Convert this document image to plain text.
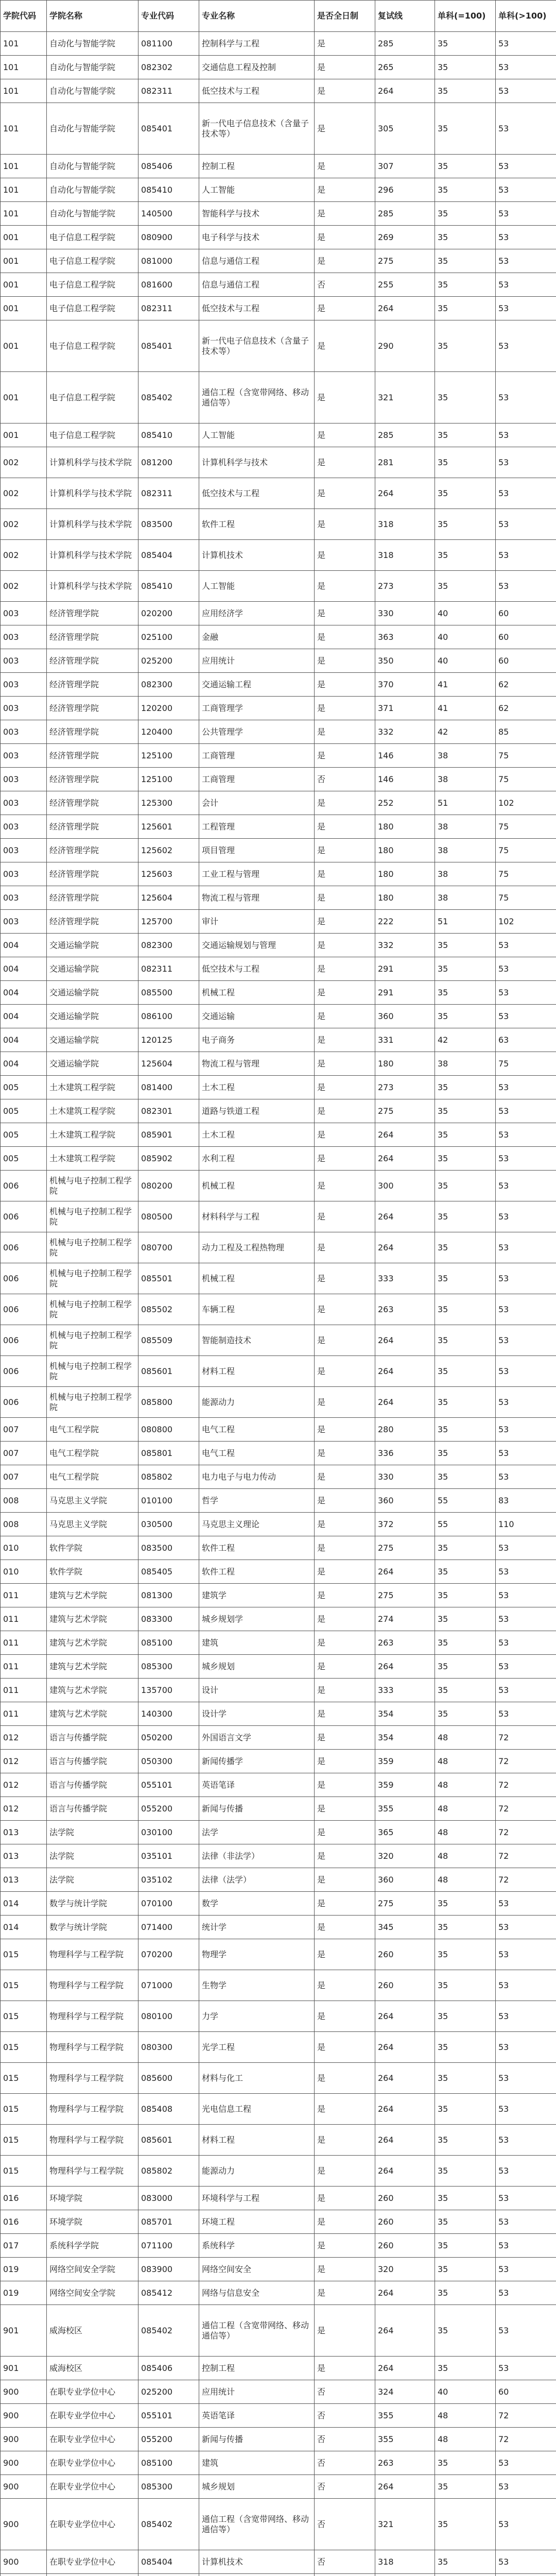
学院代码	学院名称	专业代码	专业名称	是否全日制	复试线	单科(=100)	单科(>100)
101	自动化与智能学院	081100	控制科学与工程	是	285	35	53
101	自动化与智能学院	082302	交通信息工程及控制	是	265	35	53
101	自动化与智能学院	082311	低空技术与工程	是	264	35	53
101	自动化与智能学院	085401	新一代电子信息技术（含量子技术等）	是	305	35	53
101	自动化与智能学院	085406	控制工程	是	307	35	53
101	自动化与智能学院	085410	人工智能	是	296	35	53
101	自动化与智能学院	140500	智能科学与技术	是	285	35	53
001	电子信息工程学院	080900	电子科学与技术	是	269	35	53
001	电子信息工程学院	081000	信息与通信工程	是	275	35	53
001	电子信息工程学院	081600	信息与通信工程	否	255	35	53
001	电子信息工程学院	082311	低空技术与工程	是	264	35	53
001	电子信息工程学院	085401	新一代电子信息技术（含量子技术等）	是	290	35	53
001	电子信息工程学院	085402	通信工程（含宽带网络、移动通信等）	是	321	35	53
001	电子信息工程学院	085410	人工智能	是	285	35	53
002	计算机科学与技术学院	081200	计算机科学与技术	是	281	35	53
002	计算机科学与技术学院	082311	低空技术与工程	是	264	35	53
002	计算机科学与技术学院	083500	软件工程	是	318	35	53
002	计算机科学与技术学院	085404	计算机技术	是	318	35	53
002	计算机科学与技术学院	085410	人工智能	是	273	35	53
003	经济管理学院	020200	应用经济学	是	330	40	60
003	经济管理学院	025100	金融	是	363	40	60
003	经济管理学院	025200	应用统计	是	350	40	60
003	经济管理学院	082300	交通运输工程	是	370	41	62
003	经济管理学院	120200	工商管理学	是	371	41	62
003	经济管理学院	120400	公共管理学	是	332	42	85
003	经济管理学院	125100	工商管理	是	146	38	75
003	经济管理学院	125100	工商管理	否	146	38	75
003	经济管理学院	125300	会计	是	252	51	102
003	经济管理学院	125601	工程管理	是	180	38	75
003	经济管理学院	125602	项目管理	是	180	38	75
003	经济管理学院	125603	工业工程与管理	是	180	38	75
003	经济管理学院	125604	物流工程与管理	是	180	38	75
003	经济管理学院	125700	审计	是	222	51	102
004	交通运输学院	082300	交通运输规划与管理	是	332	35	53
004	交通运输学院	082311	低空技术与工程	是	291	35	53
004	交通运输学院	085500	机械工程	是	291	35	53
004	交通运输学院	086100	交通运输	是	360	35	53
004	交通运输学院	120125	电子商务	是	331	42	63
004	交通运输学院	125604	物流工程与管理	是	180	38	75
005	土木建筑工程学院	081400	土木工程	是	273	35	53
005	土木建筑工程学院	082301	道路与铁道工程	是	275	35	53
005	土木建筑工程学院	085901	土木工程	是	264	35	53
005	土木建筑工程学院	085902	水利工程	是	264	35	53
006	机械与电子控制工程学院	080200	机械工程	是	300	35	53
006	机械与电子控制工程学院	080500	材料科学与工程	是	264	35	53
006	机械与电子控制工程学院	080700	动力工程及工程热物理	是	264	35	53
006	机械与电子控制工程学院	085501	机械工程	是	333	35	53
006	机械与电子控制工程学院	085502	车辆工程	是	263	35	53
006	机械与电子控制工程学院	085509	智能制造技术	是	264	35	53
006	机械与电子控制工程学院	085601	材料工程	是	264	35	53
006	机械与电子控制工程学院	085800	能源动力	是	264	35	53
007	电气工程学院	080800	电气工程	是	280	35	53
007	电气工程学院	085801	电气工程	是	336	35	53
007	电气工程学院	085802	电力电子与电力传动	是	330	35	53
008	马克思主义学院	010100	哲学	是	360	55	83
008	马克思主义学院	030500	马克思主义理论	是	372	55	110
010	软件学院	083500	软件工程	是	275	35	53
010	软件学院	085405	软件工程	是	264	35	53
011	建筑与艺术学院	081300	建筑学	是	275	35	53
011	建筑与艺术学院	083300	城乡规划学	是	274	35	53
011	建筑与艺术学院	085100	建筑	是	263	35	53
011	建筑与艺术学院	085300	城乡规划	是	264	35	53
011	建筑与艺术学院	135700	设计	是	333	35	53
011	建筑与艺术学院	140300	设计学	是	354	35	53
012	语言与传播学院	050200	外国语言文学	是	354	48	72
012	语言与传播学院	050300	新闻传播学	是	359	48	72
012	语言与传播学院	055101	英语笔译	是	359	48	72
012	语言与传播学院	055200	新闻与传播	是	355	48	72
013	法学院	030100	法学	是	365	48	72
013	法学院	035101	法律（非法学）	是	320	48	72
013	法学院	035102	法律（法学）	是	360	48	72
014	数学与统计学院	070100	数学	是	275	35	53
014	数学与统计学院	071400	统计学	是	345	35	53
015	物理科学与工程学院	070200	物理学	是	260	35	53
015	物理科学与工程学院	071000	生物学	是	260	35	53
015	物理科学与工程学院	080100	力学	是	264	35	53
015	物理科学与工程学院	080300	光学工程	是	264	35	53
015	物理科学与工程学院	085600	材料与化工	是	264	35	53
015	物理科学与工程学院	085408	光电信息工程	是	264	35	53
015	物理科学与工程学院	085601	材料工程	是	264	35	53
015	物理科学与工程学院	085802	能源动力	是	264	35	53
016	环境学院	083000	环境科学与工程	是	260	35	53
016	环境学院	085701	环境工程	是	260	35	53
017	系统科学学院	071100	系统科学	是	260	35	53
019	网络空间安全学院	083900	网络空间安全	是	320	35	53
019	网络空间安全学院	085412	网络与信息安全	是	264	35	53
901	威海校区	085402	通信工程（含宽带网络、移动通信等）	是	264	35	53
901	威海校区	085406	控制工程	是	264	35	53
900	在职专业学位中心	025200	应用统计	否	324	40	60
900	在职专业学位中心	055101	英语笔译	否	355	48	72
900	在职专业学位中心	055200	新闻与传播	否	355	48	72
900	在职专业学位中心	085100	建筑	否	263	35	53
900	在职专业学位中心	085300	城乡规划	否	264	35	53
900	在职专业学位中心	085402	通信工程（含宽带网络、移动通信等）	否	321	35	53
900	在职专业学位中心	085404	计算机技术	否	318	35	53
